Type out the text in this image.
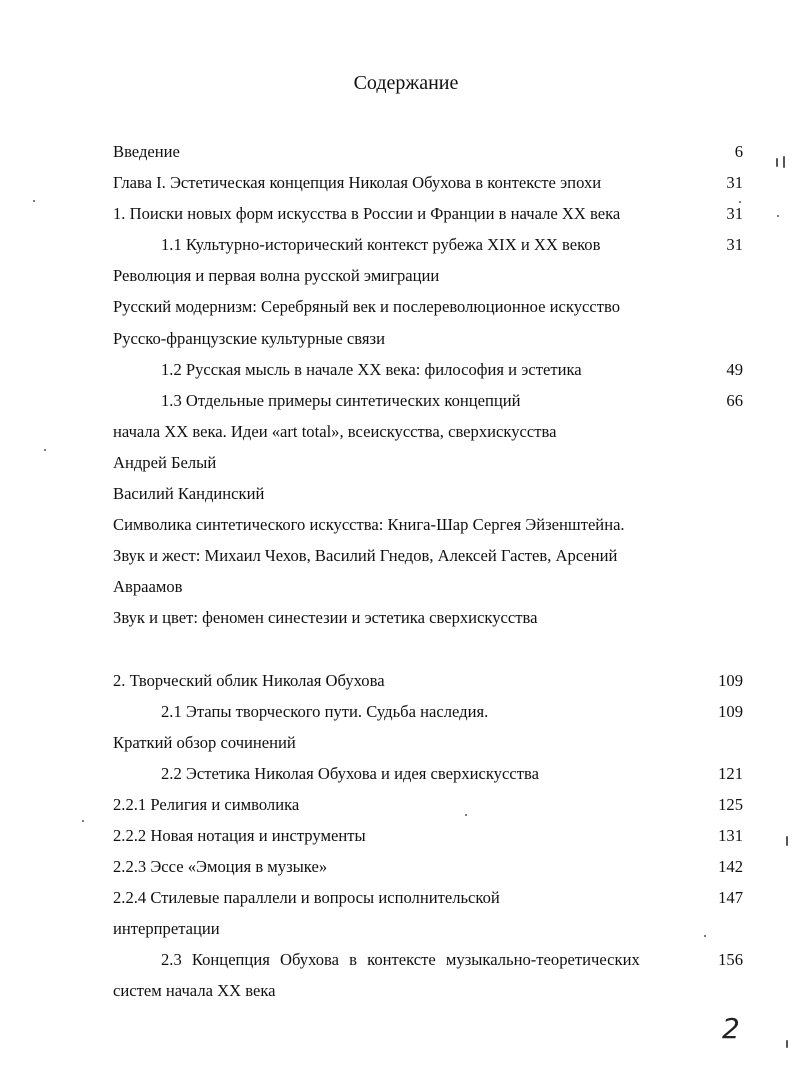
Содержание
Введение	6
Глава I. Эстетическая концепция Николая Обухова в контексте эпохи	31
1. Поиски новых форм искусства в России и Франции в начале XX века	31
1.1 Культурно-исторический контекст рубежа XIX и XX веков	31
Революция и первая волна русской эмиграции
Русский модернизм: Серебряный век и послереволюционное искусство
Русско-французские культурные связи
1.2 Русская мысль в начале XX века: философия и эстетика	49
1.3 Отдельные примеры синтетических концепций	66
начала XX века. Идеи «art total», всеискусства, сверхискусства
Андрей Белый
Василий Кандинский
Символика синтетического искусства: Книга-Шар Сергея Эйзенштейна.
Звук и жест: Михаил Чехов, Василий Гнедов, Алексей Гастев, Арсений
Авраамов
Звук и цвет: феномен синестезии и эстетика сверхискусства
2. Творческий облик Николая Обухова	109
2.1 Этапы творческого пути. Судьба наследия.	109
Краткий обзор сочинений
2.2 Эстетика Николая Обухова и идея сверхискусства	121
2.2.1 Религия и символика	125
2.2.2 Новая нотация и инструменты	131
2.2.3 Эссе «Эмоция в музыке»	142
2.2.4 Стилевые параллели и вопросы исполнительской	147
интерпретации
2.3 Концепция Обухова в контексте музыкально-теоретических	156
систем начала XX века
2
